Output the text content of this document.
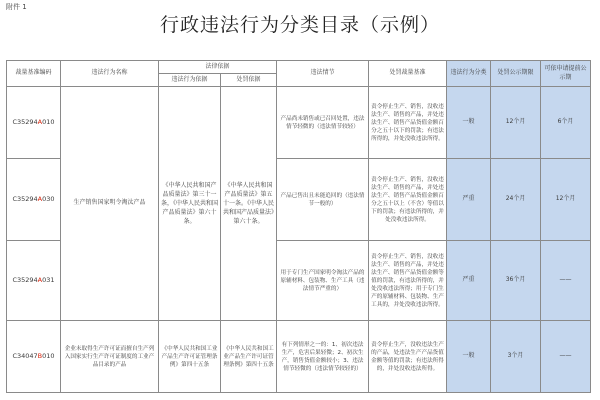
附件 1
行政违法行为分类目录（示例）
裁量基准编码	违法行为名称	法律依据		违法情节	处罚裁量基准	违法行为分类	处罚公示期限	可依申请提前公示期
		违法行为依据	处罚依据					
C35294A010	生产销售国家明令淘汰产品	《中华人民共和国产品质量法》第三十一条，《中华人民共和国产品质量法》第六十条。	《中华人民共和国产品质量法》第五十一条。《中华人民共和国产品质量法》第六十条。	产品尚未销售或已召回处置，违法情节轻微的（违法情节较轻）	责令停止生产、销售，没收违法生产、销售的产品，并处违法生产、销售产品货值金额百分之五十以下的罚款；有违法所得的，并处没收违法所得。	一般	12个月	6个月
C35294A030				产品已售出且未能追回的（违法情节一般的）	责令停止生产、销售，没收违法生产、销售的产品，并处违法生产、销售产品货值金额百分之五十以上（不含）等值以下的罚款；有违法所得的，并处没收违法所得。	严重	24个月	12个月
C35294A031				用于专门生产国家明令淘汰产品的原辅材料、包装物、生产工具（违法情节严重的）	责令停止生产、销售，没收违法生产、销售的产品，并处违法生产、销售产品货值金额等值的罚款，有违法所得的，并处没收违法所得；用于专门生产的原辅材料、包装物、生产工具的，并处没收违法所得。	严重	36个月	——
C34047B010	企业未取得生产许可证而擅自生产列入国家实行生产许可证制度的工业产品目录的产品	《中华人民共和国工业产品生产许可证管理条例》第四十五条	《中华人民共和国工业产品生产许可证管理条例》第四十五条	有下列情形之一的：1、初次违法生产，危害后果轻微；2、初次生产，销售货值金额较小；3、违法情节轻微的（违法情节较轻的）	责令停止生产，没收违法生产的产品，处违法生产产品货值金额等值的罚款；有违法所得的，并处没收违法所得。	一般	3个月	——
